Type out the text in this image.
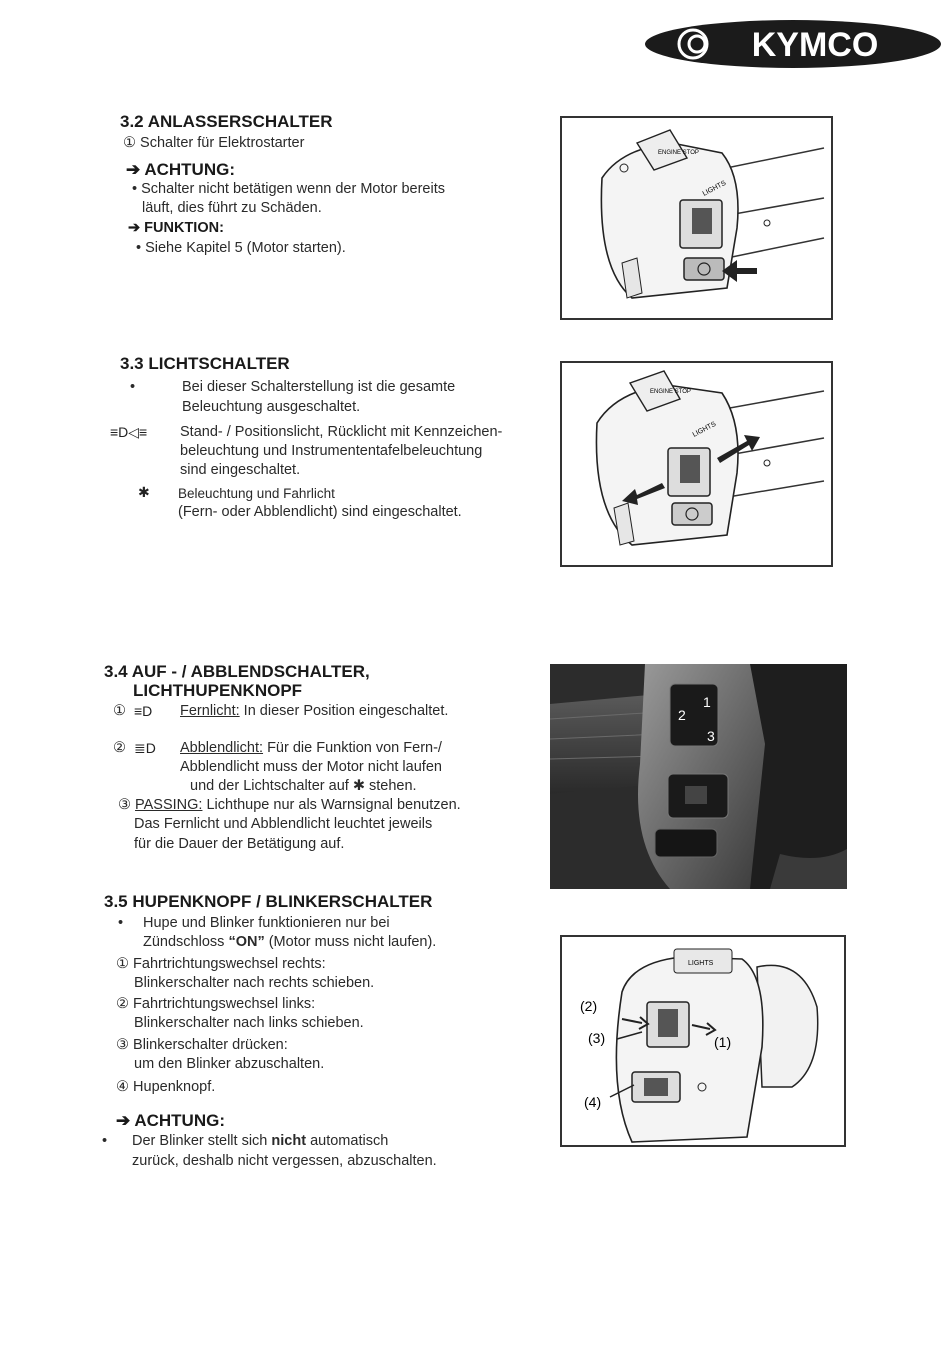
KYMCO
3.2 ANLASSERSCHALTER
① Schalter für Elektrostarter
➔ ACHTUNG:
• Schalter nicht betätigen wenn der Motor bereits
läuft, dies führt zu Schäden.
➔ FUNKTION:
• Siehe Kapitel 5 (Motor starten).
ENGINE STOP
LIGHTS
3.3 LICHTSCHALTER
•	Bei dieser Schalterstellung ist die gesamte
Beleuchtung ausgeschaltet.
≡D◁≡ Stand- / Positionslicht, Rücklicht mit Kennzeichen-
beleuchtung und Instrumententafelbeleuchtung
sind eingeschaltet.
✱ Beleuchtung und Fahrlicht
(Fern- oder Abblendlicht) sind eingeschaltet.
ENGINE STOP
LIGHTS
3.4 AUF - / ABBLENDSCHALTER,
LICHTHUPENKNOPF
① ≡D Fernlicht: In dieser Position eingeschaltet.
② ≣D Abblendlicht: Für die Funktion von Fern-/
Abblendlicht muss der Motor nicht laufen
und der Lichtschalter auf ✱ stehen.
③ PASSING: Lichthupe nur als Warnsignal benutzen.
Das Fernlicht und Abblendlicht leuchtet jeweils
für die Dauer der Betätigung auf.
1
2
3
3.5 HUPENKNOPF / BLINKERSCHALTER
• Hupe und Blinker funktionieren nur bei
Zündschloss “ON” (Motor muss nicht laufen).
① Fahrtrichtungswechsel rechts:
Blinkerschalter nach rechts schieben.
② Fahrtrichtungswechsel links:
Blinkerschalter nach links schieben.
③ Blinkerschalter drücken:
um den Blinker abzuschalten.
④ Hupenknopf.
➔ ACHTUNG:
• Der Blinker stellt sich nicht automatisch
zurück, deshalb nicht vergessen, abzuschalten.
LIGHTS
(2)
(3)	(1)
(4)
